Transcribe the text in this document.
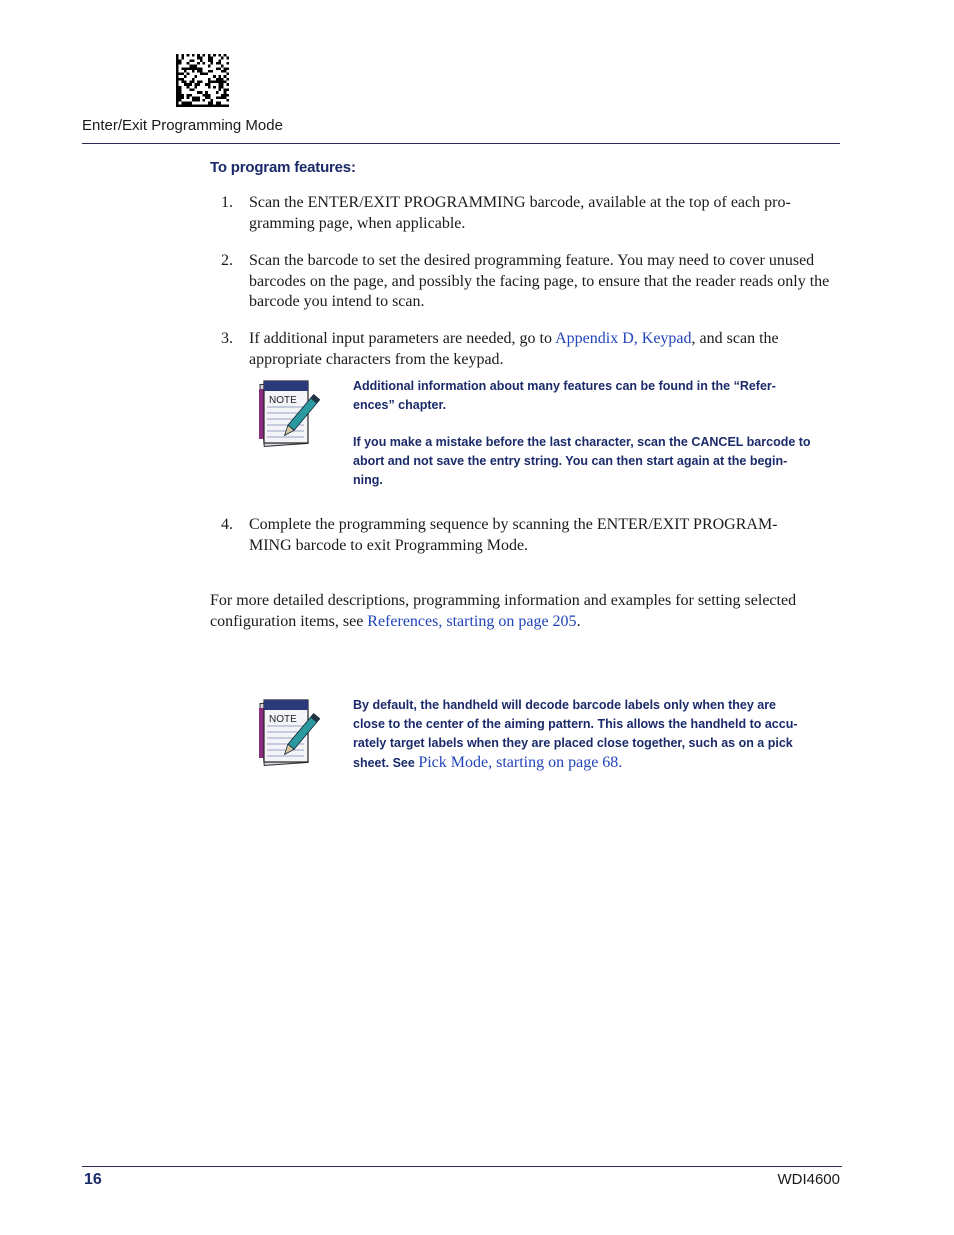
Enter/Exit Programming Mode
To program features:
1. Scan the ENTER/EXIT PROGRAMMING barcode, available at the top of each pro-
gramming page, when applicable.
2. Scan the barcode to set the desired programming feature. You may need to cover unused
barcodes on the page, and possibly the facing page, to ensure that the reader reads only the
barcode you intend to scan.
3. If additional input parameters are needed, go to Appendix D, Keypad, and scan the
appropriate characters from the keypad.
NOTE
Additional information about many features can be found in the “Refer-
ences” chapter.
If you make a mistake before the last character, scan the CANCEL barcode to
abort and not save the entry string. You can then start again at the begin-
ning.
4. Complete the programming sequence by scanning the ENTER/EXIT PROGRAM-
MING barcode to exit Programming Mode.
For more detailed descriptions, programming information and examples for setting selected
configuration items, see References, starting on page 205.
NOTE
By default, the handheld will decode barcode labels only when they are
close to the center of the aiming pattern. This allows the handheld to accu-
rately target labels when they are placed close together, such as on a pick
sheet. See Pick Mode, starting on page 68.
16	WDI4600
